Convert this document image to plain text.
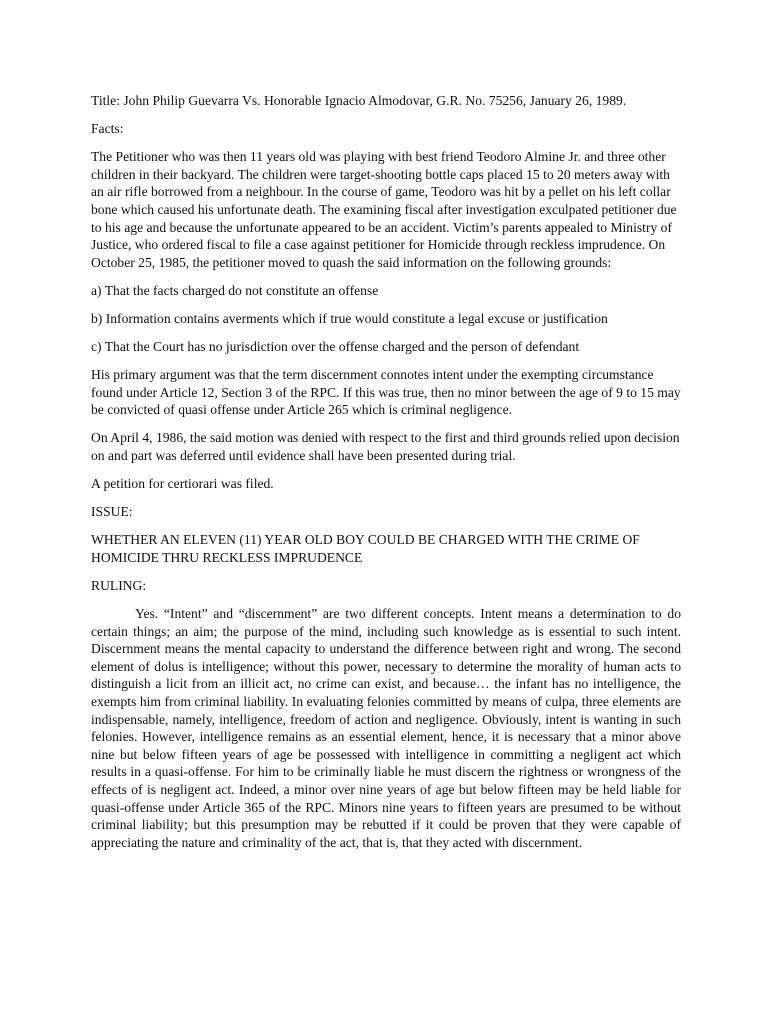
Title: John Philip Guevarra Vs. Honorable Ignacio Almodovar, G.R. No. 75256, January 26, 1989.

Facts:

The Petitioner who was then 11 years old was playing with best friend Teodoro Almine Jr. and three other children in their backyard. The children were target-shooting bottle caps placed 15 to 20 meters away with an air rifle borrowed from a neighbour. In the course of game, Teodoro was hit by a pellet on his left collar bone which caused his unfortunate death. The examining fiscal after investigation exculpated petitioner due to his age and because the unfortunate appeared to be an accident. Victim’s parents appealed to Ministry of Justice, who ordered fiscal to file a case against petitioner for Homicide through reckless imprudence. On October 25, 1985, the petitioner moved to quash the said information on the following grounds:

a) That the facts charged do not constitute an offense

b) Information contains averments which if true would constitute a legal excuse or justification

c) That the Court has no jurisdiction over the offense charged and the person of defendant

His primary argument was that the term discernment connotes intent under the exempting circumstance found under Article 12, Section 3 of the RPC. If this was true, then no minor between the age of 9 to 15 may be convicted of quasi offense under Article 265 which is criminal negligence.

On April 4, 1986, the said motion was denied with respect to the first and third grounds relied upon decision on and part was deferred until evidence shall have been presented during trial.

A petition for certiorari was filed.

ISSUE:

WHETHER AN ELEVEN (11) YEAR OLD BOY COULD BE CHARGED WITH THE CRIME OF HOMICIDE THRU RECKLESS IMPRUDENCE

RULING:

Yes. “Intent” and “discernment” are two different concepts. Intent means a determination to do certain things; an aim; the purpose of the mind, including such knowledge as is essential to such intent. Discernment means the mental capacity to understand the difference between right and wrong. The second element of dolus is intelligence; without this power, necessary to determine the morality of human acts to distinguish a licit from an illicit act, no crime can exist, and because… the infant has no intelligence, the exempts him from criminal liability. In evaluating felonies committed by means of culpa, three elements are indispensable, namely, intelligence, freedom of action and negligence. Obviously, intent is wanting in such felonies. However, intelligence remains as an essential element, hence, it is necessary that a minor above nine but below fifteen years of age be possessed with intelligence in committing a negligent act which results in a quasi-offense. For him to be criminally liable he must discern the rightness or wrongness of the effects of is negligent act. Indeed, a minor over nine years of age but below fifteen may be held liable for quasi-offense under Article 365 of the RPC. Minors nine years to fifteen years are presumed to be without criminal liability; but this presumption may be rebutted if it could be proven that they were capable of appreciating the nature and criminality of the act, that is, that they acted with discernment.
